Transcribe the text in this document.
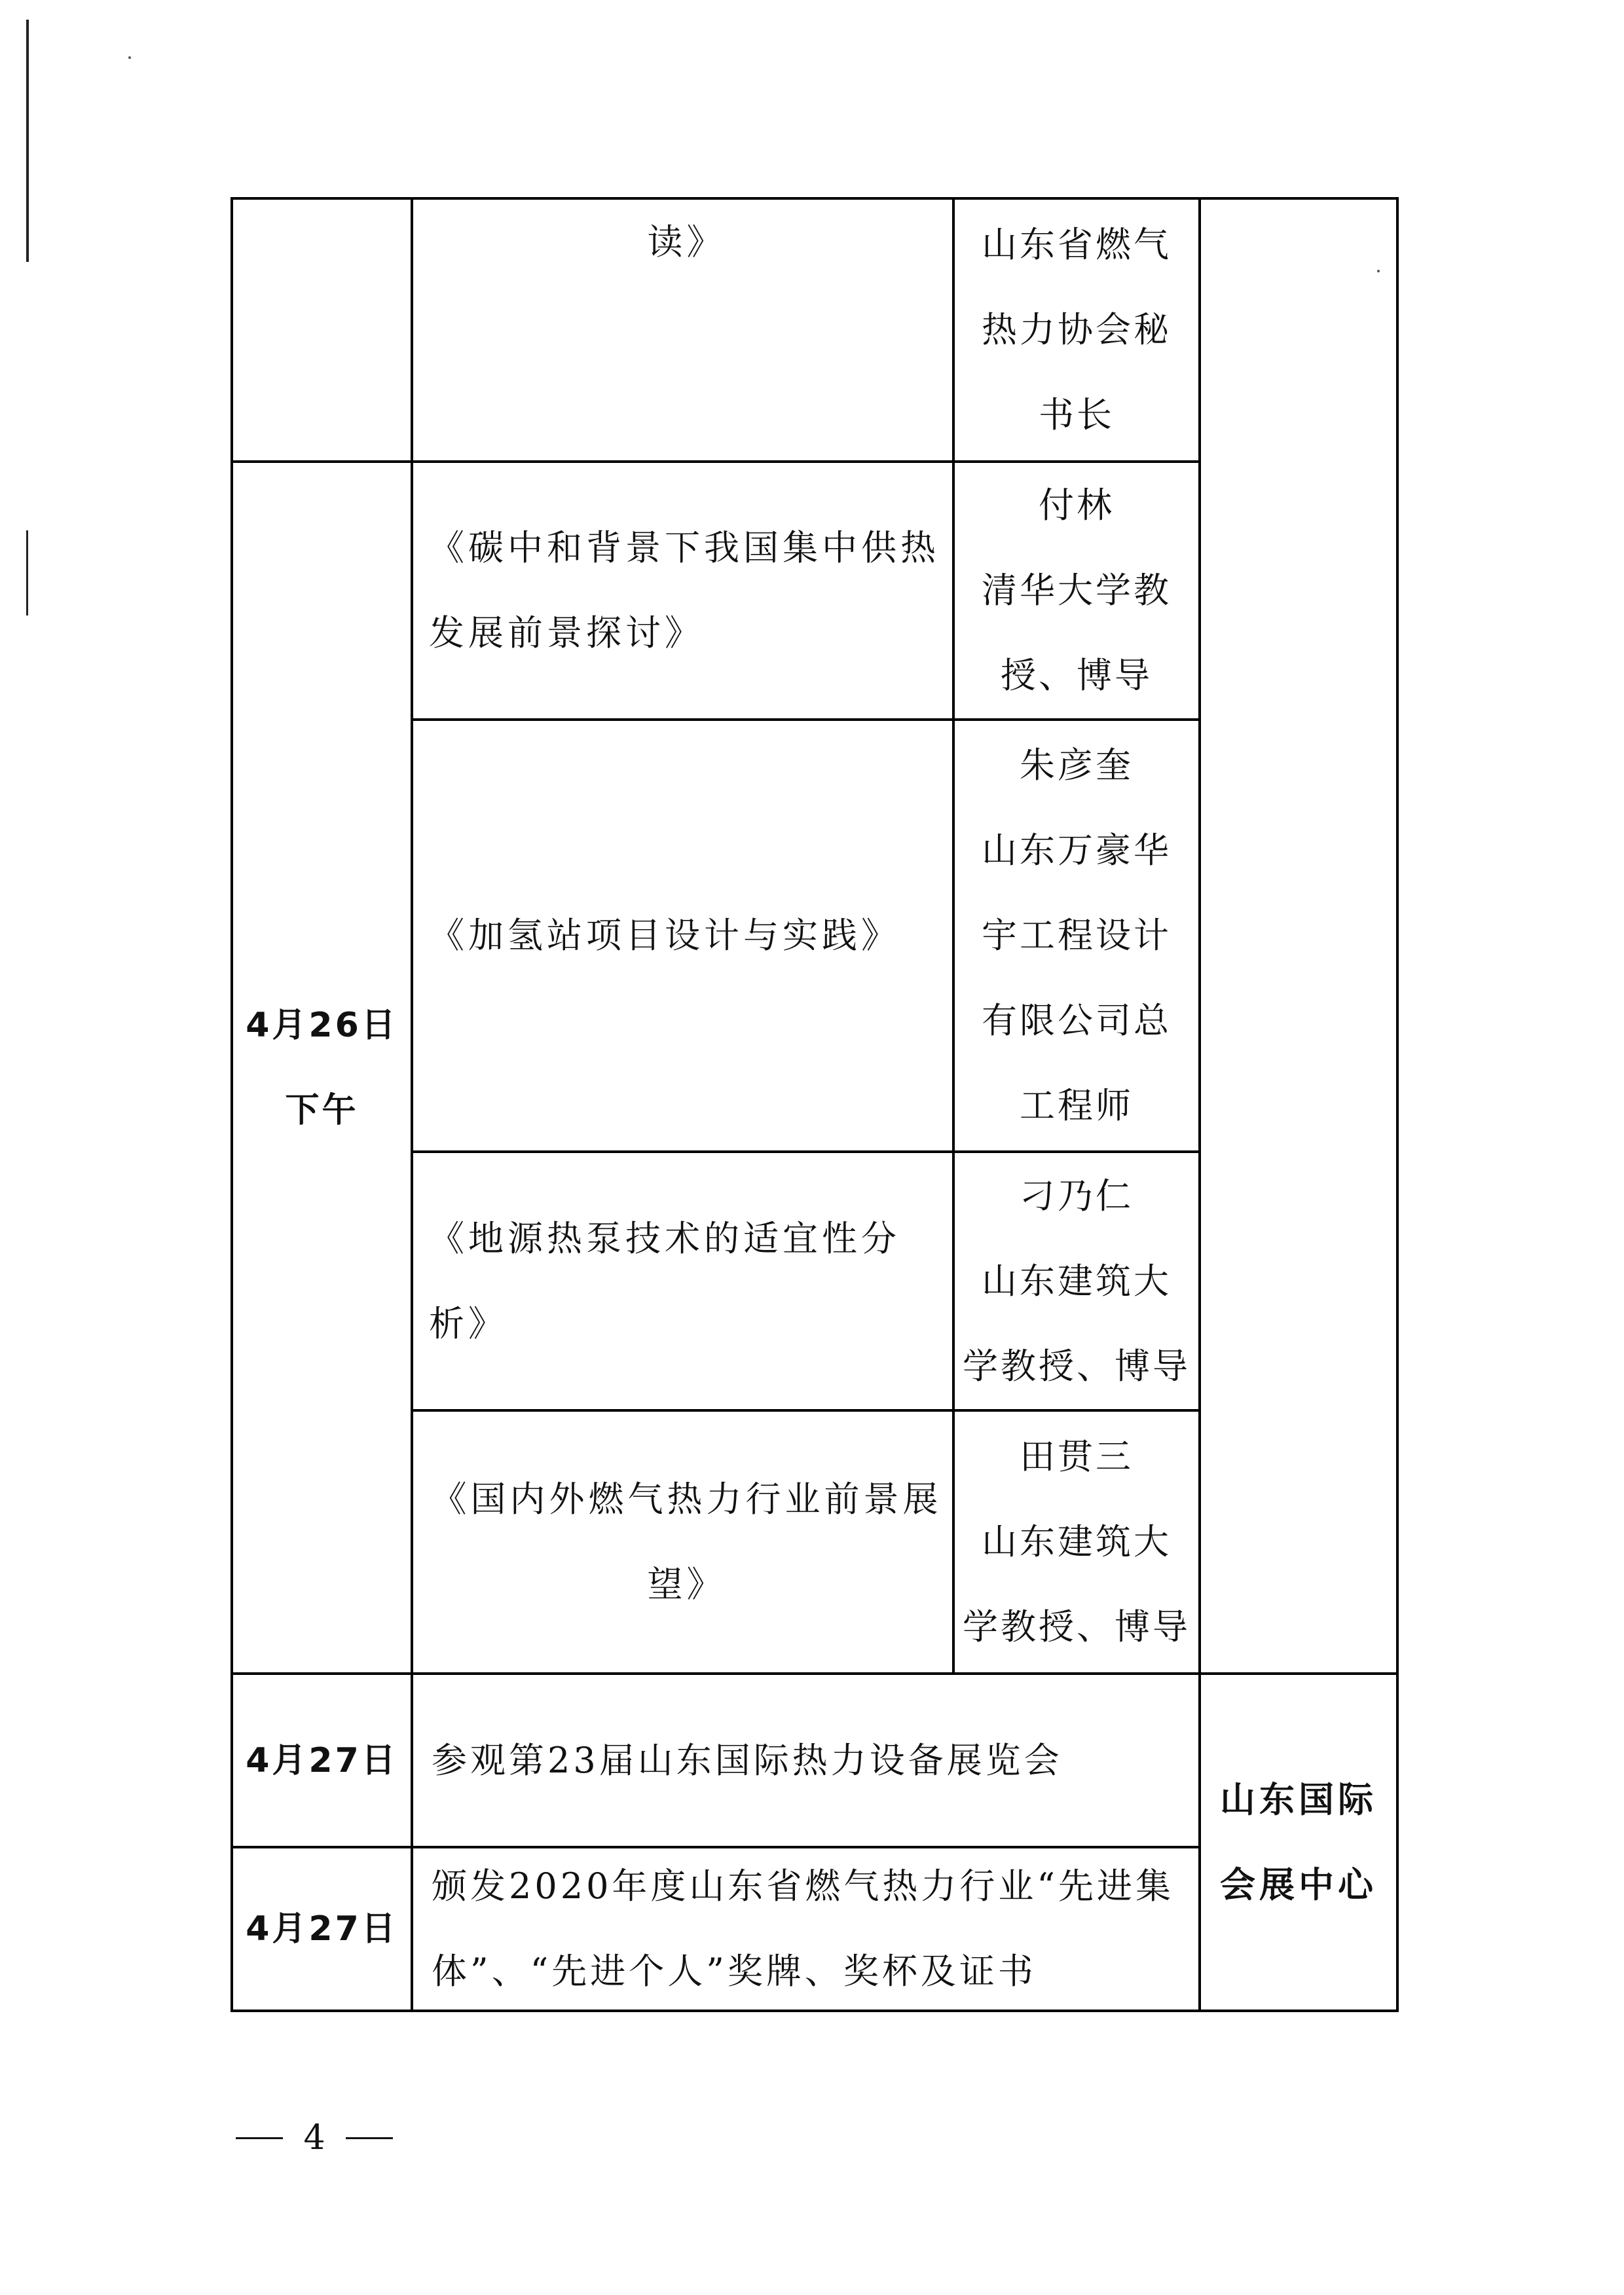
读》	山东省燃气
热力协会秘
书长
4月26日
下午
《碳中和背景下我国集中供热
发展前景探讨》
付林
清华大学教
授、博导
《加氢站项目设计与实践》
朱彦奎
山东万豪华
宇工程设计
有限公司总
工程师
《地源热泵技术的适宜性分
析》
刁乃仁
山东建筑大
学教授、博导
《国内外燃气热力行业前景展
望》
田贯三
山东建筑大
学教授、博导
4月27日 参观第23届山东国际热力设备展览会
4月27日
颁发2020年度山东省燃气热力行业“先进集
体”、“先进个人”奖牌、奖杯及证书
山东国际
会展中心
4
